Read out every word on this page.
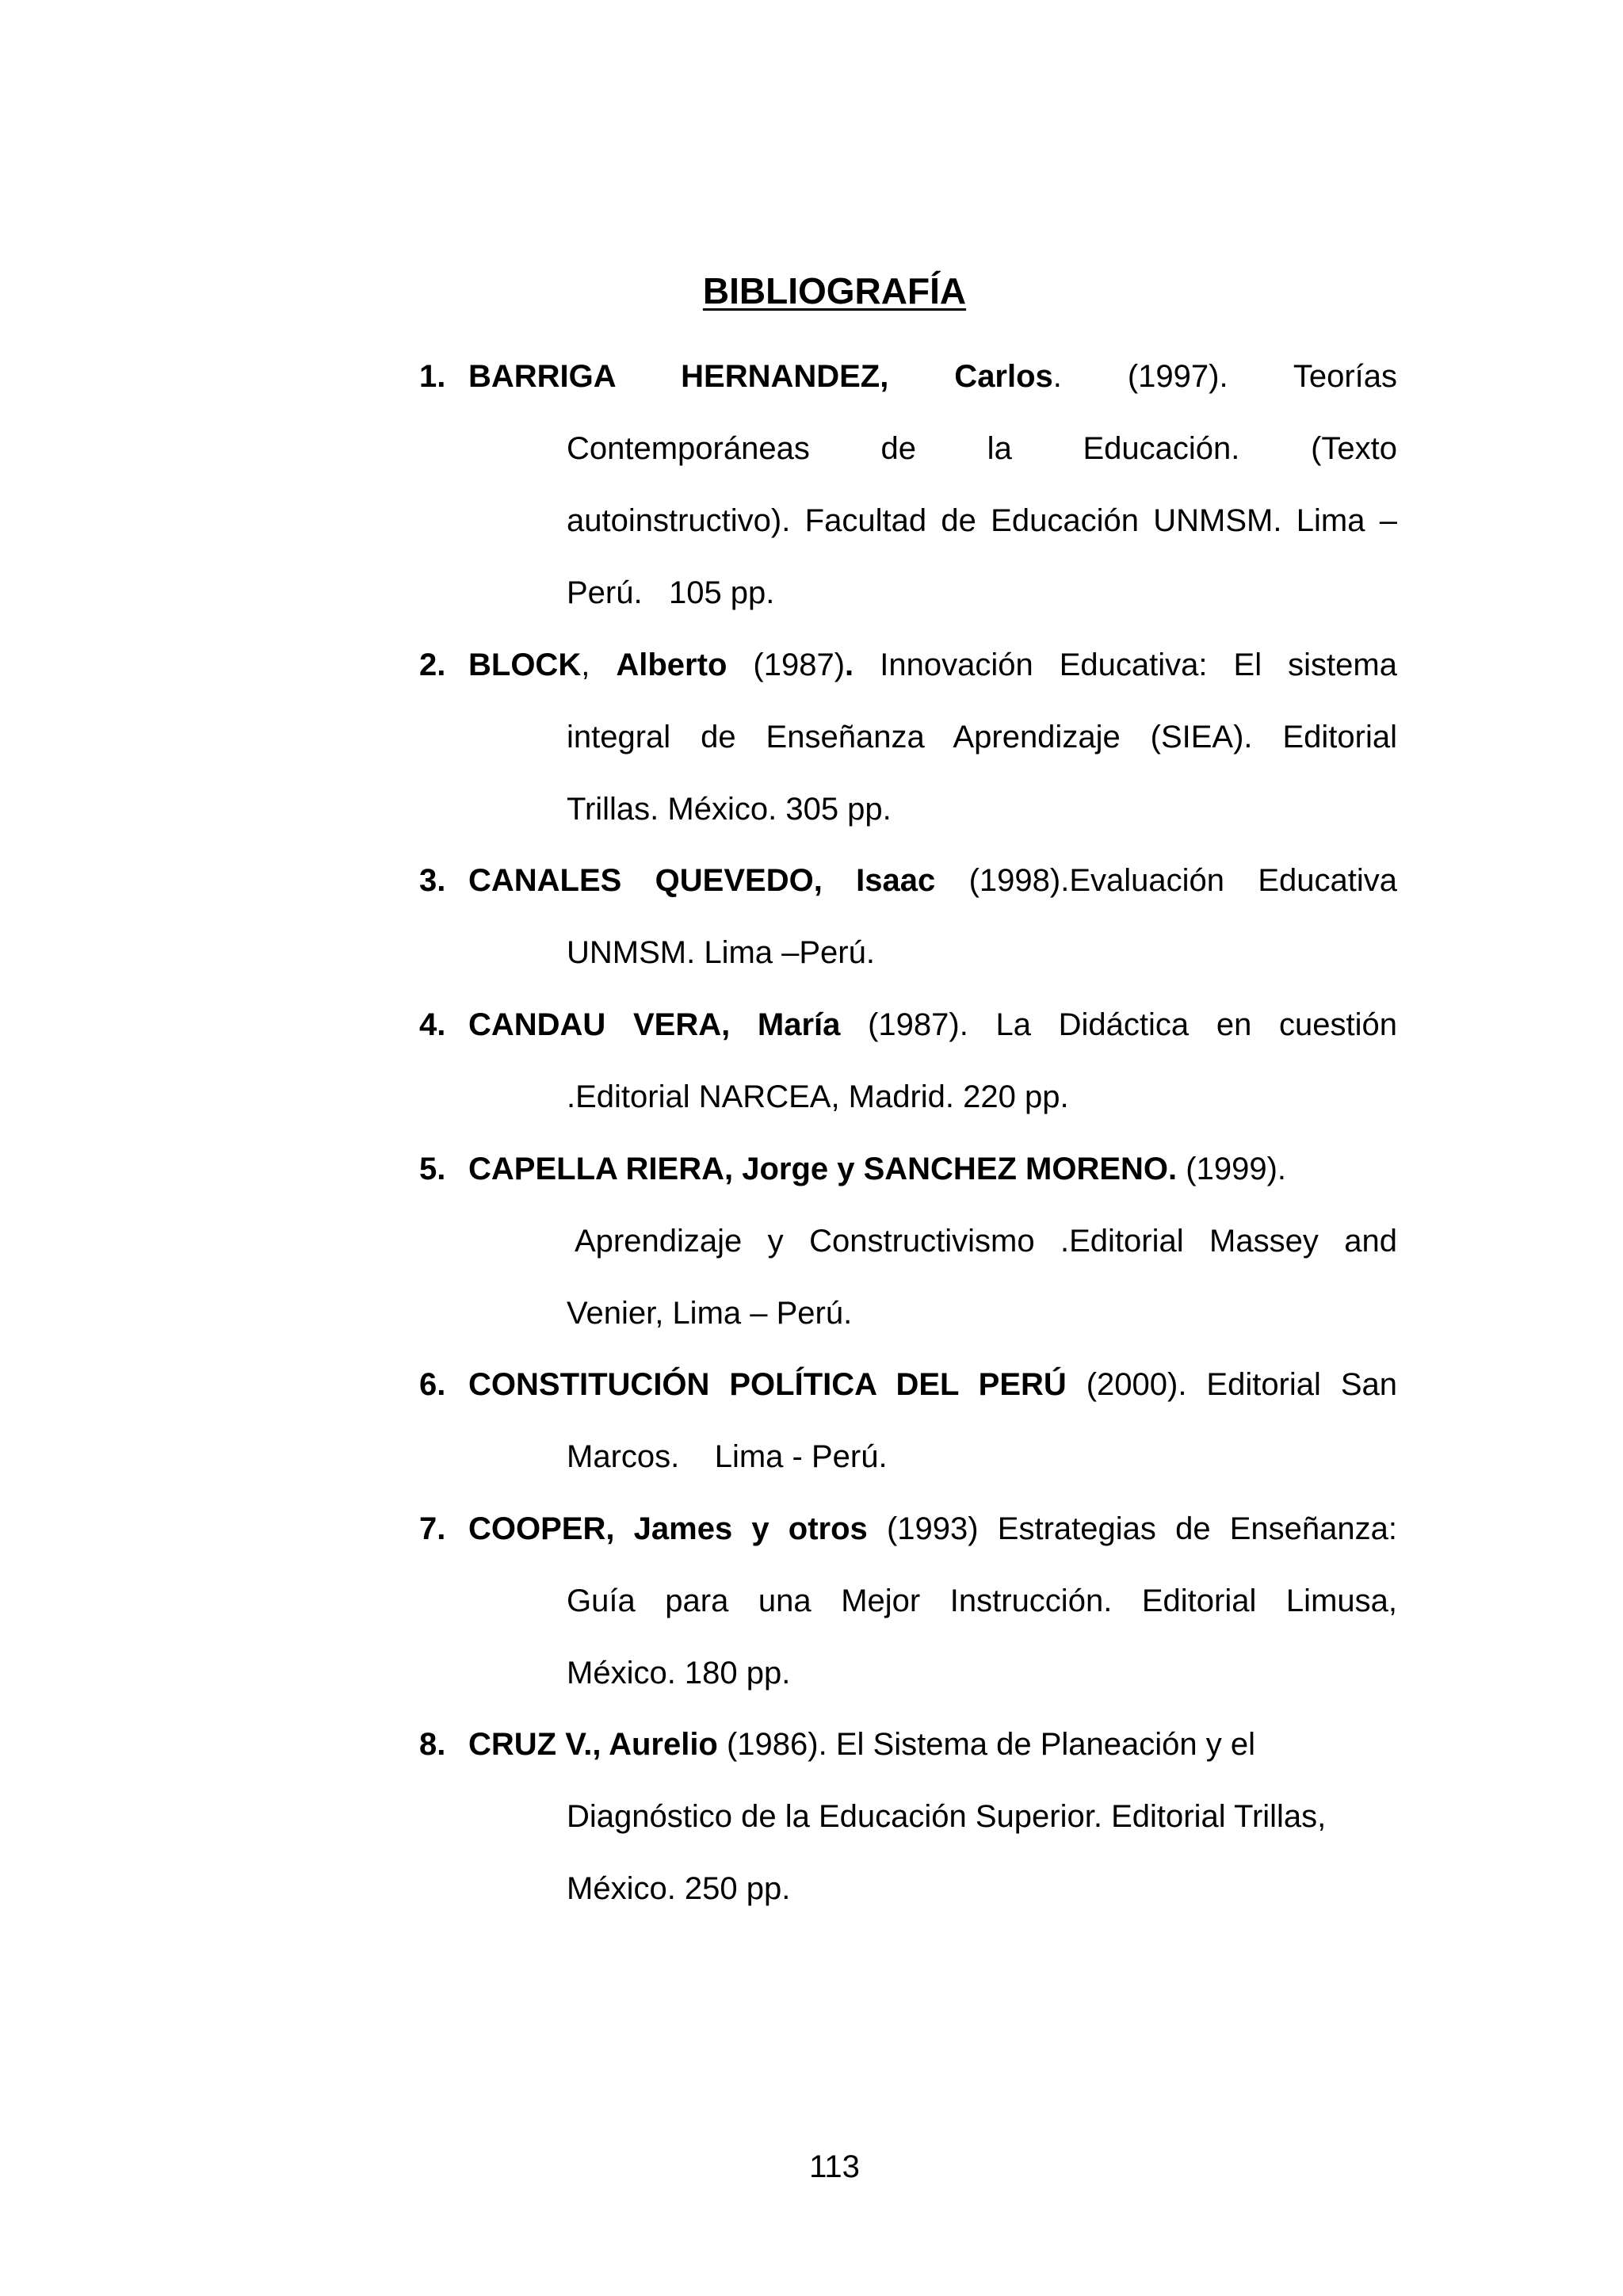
BIBLIOGRAFÍA
1. BARRIGA HERNANDEZ, Carlos. (1997). Teorías
Contemporáneas de la Educación. (Texto
autoinstructivo). Facultad de Educación UNMSM. Lima –
Perú.   105 pp.
2. BLOCK, Alberto (1987). Innovación Educativa: El sistema
integral de Enseñanza Aprendizaje (SIEA). Editorial
Trillas. México. 305 pp.
3. CANALES QUEVEDO, Isaac (1998).Evaluación Educativa
UNMSM. Lima –Perú.
4. CANDAU VERA, María (1987). La Didáctica en cuestión
.Editorial NARCEA, Madrid. 220 pp.
5. CAPELLA RIERA, Jorge y SANCHEZ MORENO. (1999).
Aprendizaje y Constructivismo .Editorial Massey and
Venier, Lima – Perú.
6. CONSTITUCIÓN POLÍTICA DEL PERÚ (2000). Editorial San
Marcos.    Lima - Perú.
7. COOPER, James y otros (1993) Estrategias de Enseñanza:
Guía para una Mejor Instrucción. Editorial Limusa,
México. 180 pp.
8. CRUZ V., Aurelio (1986). El Sistema de Planeación y el
Diagnóstico de la Educación Superior. Editorial Trillas,
México. 250 pp.
113
